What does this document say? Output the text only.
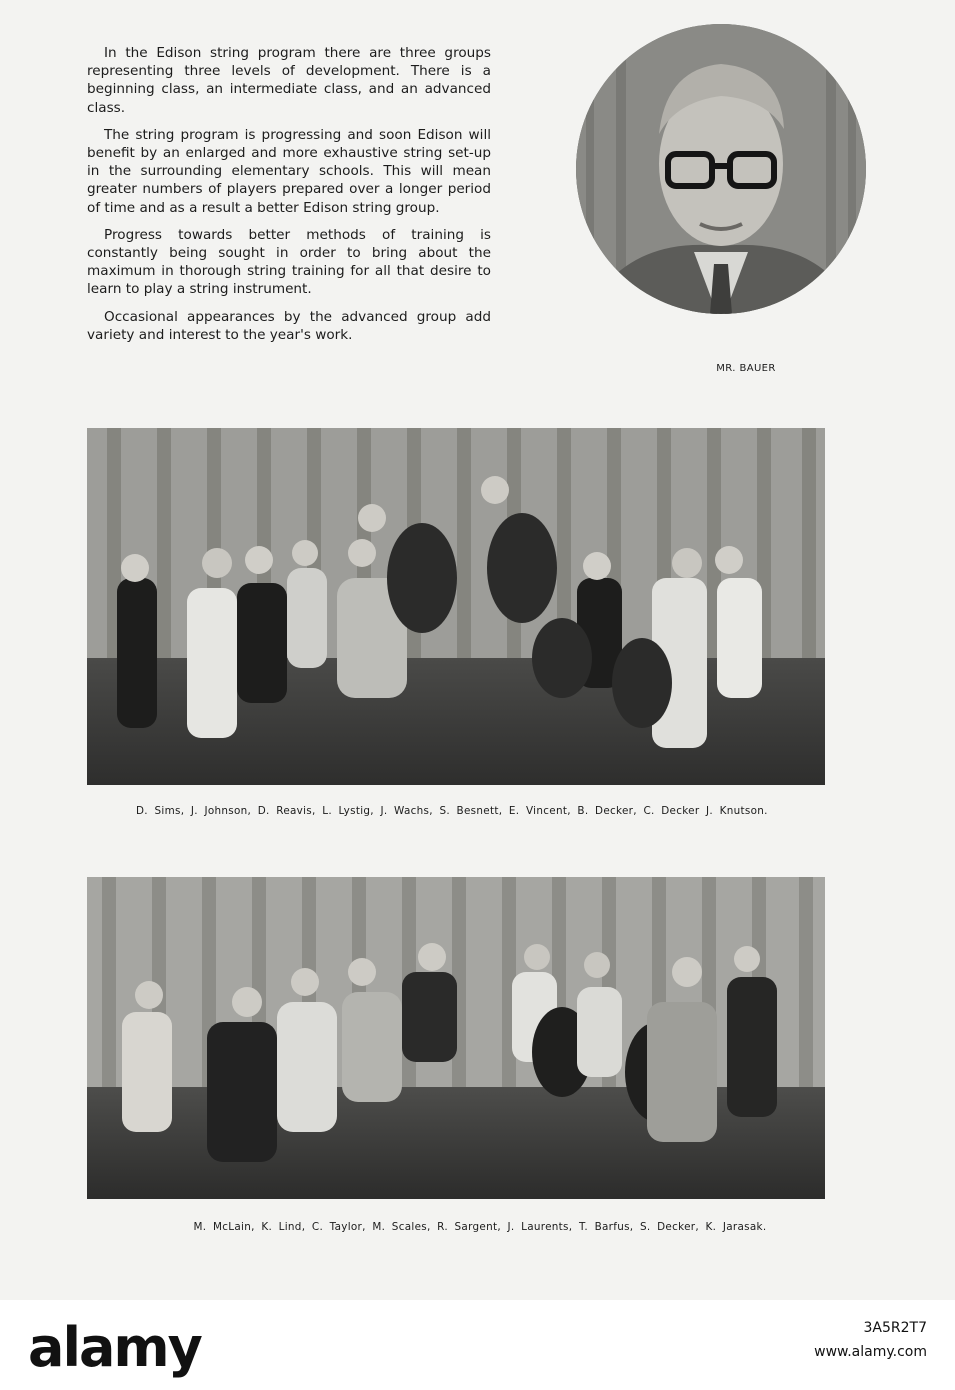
In the Edison string program there are three groups representing three levels of development. There is a beginning class, an intermediate class, and an advanced class.

The string program is progressing and soon Edison will benefit by an enlarged and more exhaustive string set-up in the surrounding elementary schools. This will mean greater numbers of players prepared over a longer period of time and as a result a better Edison string group.

Progress towards better methods of training is constantly being sought in order to bring about the maximum in thorough string training for all that desire to learn to play a string instrument.

Occasional appearances by the advanced group add variety and interest to the year's work.

MR. BAUER
D. Sims, J. Johnson, D. Reavis, L. Lystig, J. Wachs, S. Besnett, E. Vincent, B. Decker, C. Decker J. Knutson.
M. McLain, K. Lind, C. Taylor, M. Scales, R. Sargent, J. Laurents, T. Barfus, S. Decker, K. Jarasak.
alamy	3A5R2T7
www.alamy.com
